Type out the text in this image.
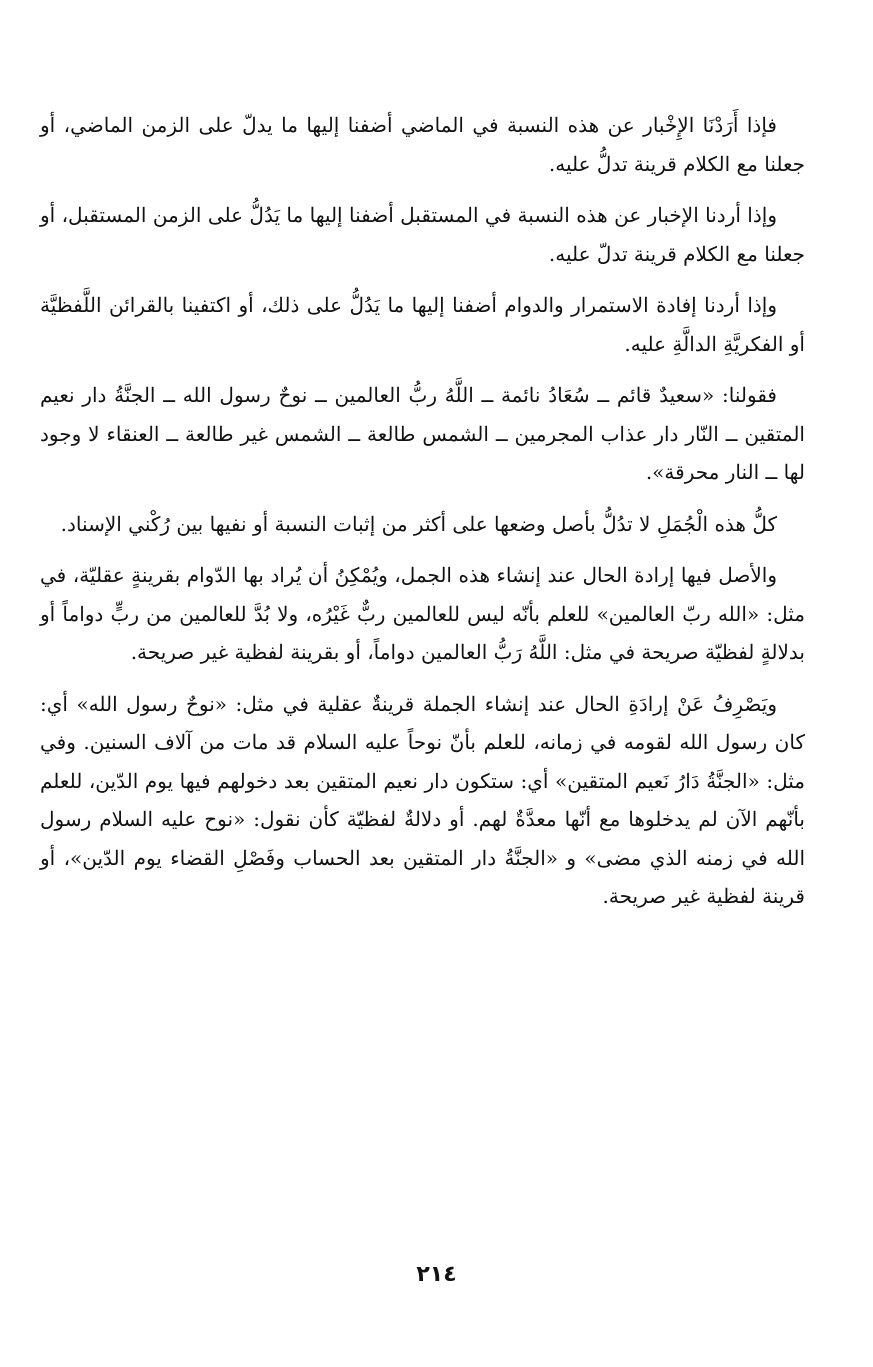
فإذا أَرَدْنَا الإِخْبار عن هذه النسبة في الماضي أضفنا إليها ما يدلّ على الزمن الماضي، أو جعلنا مع الكلام قرينة تدلُّ عليه.

وإذا أردنا الإخبار عن هذه النسبة في المستقبل أضفنا إليها ما يَدُلُّ على الزمن المستقبل، أو جعلنا مع الكلام قرينة تدلّ عليه.

وإذا أردنا إفادة الاستمرار والدوام أضفنا إليها ما يَدُلُّ على ذلك، أو اكتفينا بالقرائن اللَّفظيَّة أو الفكريَّةِ الدالَّةِ عليه.

فقولنا: «سعيدٌ قائم ــ سُعَادُ نائمة ــ اللَّهُ ربُّ العالمين ــ نوحٌ رسول الله ــ الجنَّةُ دار نعيم المتقين ــ النّار دار عذاب المجرمين ــ الشمس طالعة ــ الشمس غير طالعة ــ العنقاء لا وجود لها ــ النار محرقة».

كلُّ هذه الْجُمَلِ لا تدُلُّ بأصل وضعها على أكثر من إثبات النسبة أو نفيها بين رُكْني الإسناد.

والأصل فيها إرادة الحال عند إنشاء هذه الجمل، ويُمْكِنُ أن يُراد بها الدّوام بقرينةٍ عقليّة، في مثل: «الله ربّ العالمين» للعلم بأنّه ليس للعالمين ربٌّ غَيْرُه، ولا بُدَّ للعالمين من ربٍّ دواماً أو بدلالةٍ لفظيّة صريحة في مثل: اللَّهُ رَبُّ العالمين دواماً، أو بقرينة لفظية غير صريحة.

ويَصْرِفُ عَنْ إرادَةِ الحال عند إنشاء الجملة قرينةٌ عقلية في مثل: «نوحٌ رسول الله» أي: كان رسول الله لقومه في زمانه، للعلم بأنّ نوحاً عليه السلام قد مات من آلاف السنين. وفي مثل: «الجنَّةُ دَارُ نَعيم المتقين» أي: ستكون دار نعيم المتقين بعد دخولهم فيها يوم الدّين، للعلم بأنّهم الآن لم يدخلوها مع أنّها معدَّةٌ لهم. أو دلالةٌ لفظيّة كأن نقول: «نوح عليه السلام رسول الله في زمنه الذي مضى» و «الجنَّةُ دار المتقين بعد الحساب وفَصْلِ القضاء يوم الدّين»، أو قرينة لفظية غير صريحة.

٢١٤
